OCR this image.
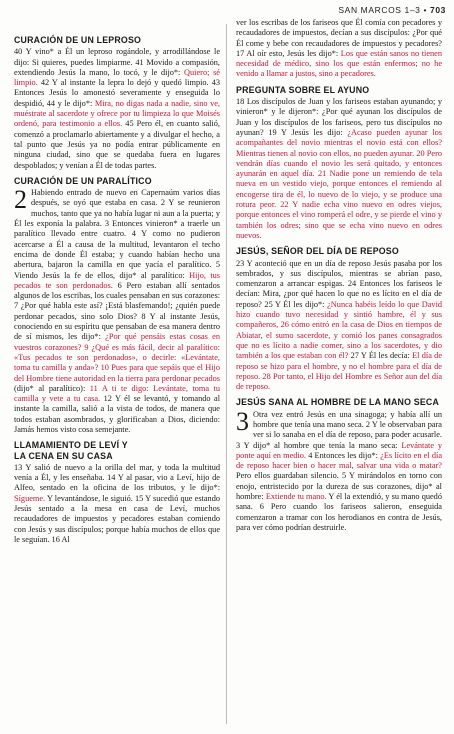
SAN MARCOS 1–3 • 703
CURACIÓN DE UN LEPROSO

40 Y vino* a Él un leproso rogándole, y arrodillándose le dijo: Si quieres, puedes limpiarme. 41 Movido a compasión, extendiendo Jesús la mano, lo tocó, y le dijo*: Quiero; sé limpio. 42 Y al instante la lepra lo dejó y quedó limpio. 43 Entonces Jesús lo amonestó severamente y enseguida lo despidió, 44 y le dijo*: Mira, no digas nada a nadie, sino ve, muéstrate al sacerdote y ofrece por tu limpieza lo que Moisés ordenó, para testimonio a ellos. 45 Pero él, en cuanto salió, comenzó a proclamarlo abiertamente y a divulgar el hecho, a tal punto que Jesús ya no podía entrar públicamente en ninguna ciudad, sino que se quedaba fuera en lugares despoblados; y venían a Él de todas partes.

CURACIÓN DE UN PARALÍTICO

2 Habiendo entrado de nuevo en Capernaúm varios días después, se oyó que estaba en casa. 2 Y se reunieron muchos, tanto que ya no había lugar ni aun a la puerta; y Él les exponía la palabra. 3 Entonces vinieron* a traerle un paralítico llevado entre cuatro. 4 Y como no pudieron acercarse a Él a causa de la multitud, levantaron el techo encima de donde Él estaba; y cuando habían hecho una abertura, bajaron la camilla en que yacía el paralítico. 5 Viendo Jesús la fe de ellos, dijo* al paralítico: Hijo, tus pecados te son perdonados. 6 Pero estaban allí sentados algunos de los escribas, los cuales pensaban en sus corazones: 7 ¿Por qué habla este así? ¡Está blasfemando!; ¿quién puede perdonar pecados, sino solo Dios? 8 Y al instante Jesús, conociendo en su espíritu que pensaban de esa manera dentro de sí mismos, les dijo*: ¿Por qué pensáis estas cosas en vuestros corazones? 9 ¿Qué es más fácil, decir al paralítico: «Tus pecados te son perdonados», o decirle: «Levántate, toma tu camilla y anda»? 10 Pues para que sepáis que el Hijo del Hombre tiene autoridad en la tierra para perdonar pecados (dijo* al paralítico): 11 A ti te digo: Levántate, toma tu camilla y vete a tu casa. 12 Y él se levantó, y tomando al instante la camilla, salió a la vista de todos, de manera que todos estaban asombrados, y glorificaban a Dios, diciendo: Jamás hemos visto cosa semejante.

LLAMAMIENTO DE LEVÍ Y
LA CENA EN SU CASA

13 Y salió de nuevo a la orilla del mar, y toda la multitud venía a Él, y les enseñaba. 14 Y al pasar, vio a Leví, hijo de Alfeo, sentado en la oficina de los tributos, y le dijo*: Sígueme. Y levantándose, le siguió. 15 Y sucedió que estando Jesús sentado a la mesa en casa de Leví, muchos recaudadores de impuestos y pecadores estaban comiendo con Jesús y sus discípulos; porque había muchos de ellos que le seguían. 16 Al

ver los escribas de los fariseos que Él comía con pecadores y recaudadores de impuestos, decían a sus discípulos: ¿Por qué Él come y bebe con recaudadores de impuestos y pecadores? 17 Al oír esto, Jesús les dijo*: Los que están sanos no tienen necesidad de médico, sino los que están enfermos; no he venido a llamar a justos, sino a pecadores.

PREGUNTA SOBRE EL AYUNO

18 Los discípulos de Juan y los fariseos estaban ayunando; y vinieron* y le dijeron*: ¿Por qué ayunan los discípulos de Juan y los discípulos de los fariseos, pero tus discípulos no ayunan? 19 Y Jesús les dijo: ¿Acaso pueden ayunar los acompañantes del novio mientras el novio está con ellos? Mientras tienen al novio con ellos, no pueden ayunar. 20 Pero vendrán días cuando el novio les será quitado, y entonces ayunarán en aquel día. 21 Nadie pone un remiendo de tela nueva en un vestido viejo, porque entonces el remiendo al encogerse tira de él, lo nuevo de lo viejo, y se produce una rotura peor. 22 Y nadie echa vino nuevo en odres viejos, porque entonces el vino romperá el odre, y se pierde el vino y también los odres; sino que se echa vino nuevo en odres nuevos.

JESÚS, SEÑOR DEL DÍA DE REPOSO

23 Y aconteció que en un día de reposo Jesús pasaba por los sembrados, y sus discípulos, mientras se abrían paso, comenzaron a arrancar espigas. 24 Entonces los fariseos le decían: Mira, ¿por qué hacen lo que no es lícito en el día de reposo? 25 Y Él les dijo*: ¿Nunca habéis leído lo que David hizo cuando tuvo necesidad y sintió hambre, él y sus compañeros, 26 cómo entró en la casa de Dios en tiempos de Abiatar, el sumo sacerdote, y comió los panes consagrados que no es lícito a nadie comer, sino a los sacerdotes, y dio también a los que estaban con él? 27 Y Él les decía: El día de reposo se hizo para el hombre, y no el hombre para el día de reposo. 28 Por tanto, el Hijo del Hombre es Señor aun del día de reposo.

JESÚS SANA AL HOMBRE DE LA MANO SECA

3 Otra vez entró Jesús en una sinagoga; y había allí un hombre que tenía una mano seca. 2 Y le observaban para ver si lo sanaba en el día de reposo, para poder acusarle. 3 Y dijo* al hombre que tenía la mano seca: Levántate y ponte aquí en medio. 4 Entonces les dijo*: ¿Es lícito en el día de reposo hacer bien o hacer mal, salvar una vida o matar? Pero ellos guardaban silencio. 5 Y mirándolos en torno con enojo, entristecido por la dureza de sus corazones, dijo* al hombre: Extiende tu mano. Y él la extendió, y su mano quedó sana. 6 Pero cuando los fariseos salieron, enseguida comenzaron a tramar con los herodianos en contra de Jesús, para ver cómo podrían destruirle.
